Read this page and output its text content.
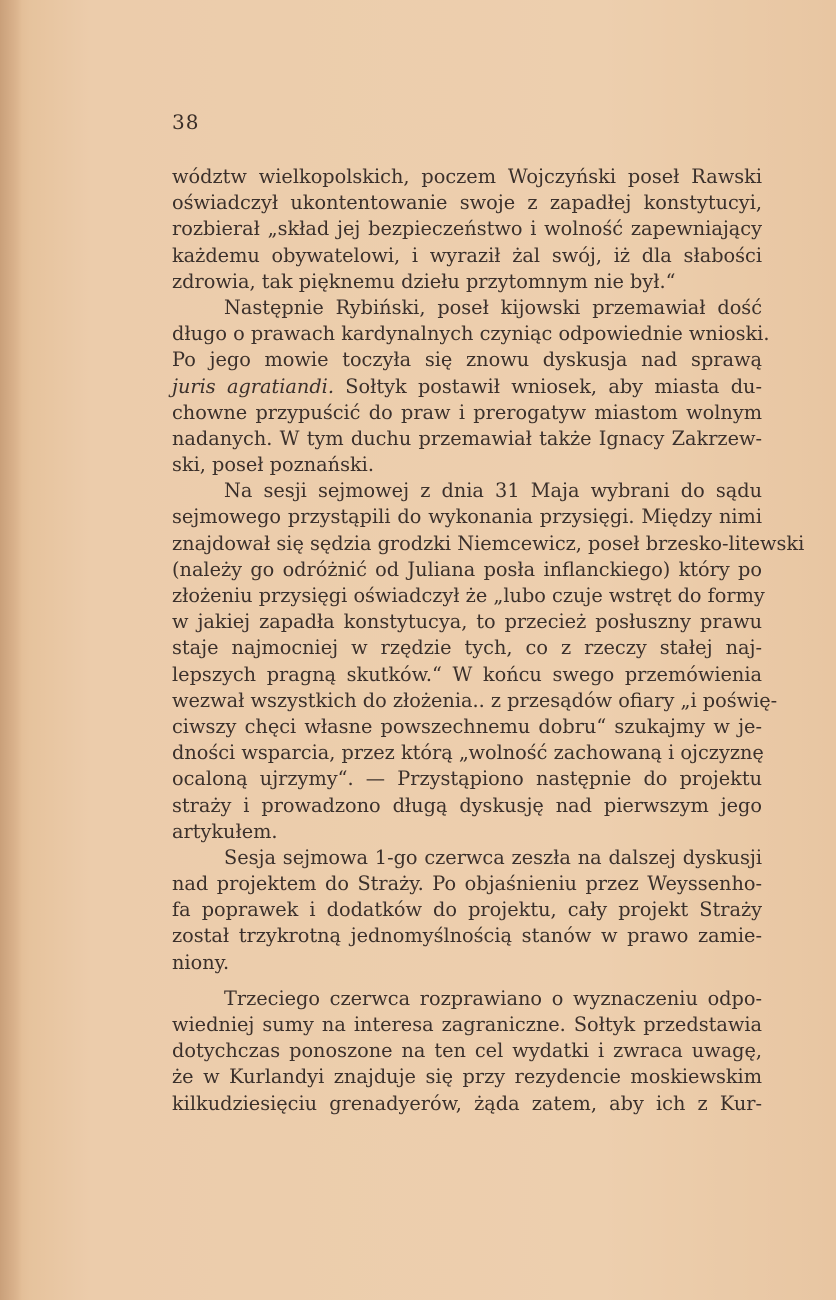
38
wództw wielkopolskich, poczem Wojczyński poseł Rawski
oświadczył ukontentowanie swoje z zapadłej konstytucyi,
rozbierał „skład jej bezpieczeństwo i wolność zapewniający
każdemu obywatelowi, i wyraził żal swój, iż dla słabości
zdrowia, tak pięknemu dziełu przytomnym nie był.“
Następnie Rybiński, poseł kijowski przemawiał dość
długo o prawach kardynalnych czyniąc odpowiednie wnioski.
Po jego mowie toczyła się znowu dyskusja nad sprawą
juris agratiandi. Sołtyk postawił wniosek, aby miasta du-
chowne przypuścić do praw i prerogatyw miastom wolnym
nadanych. W tym duchu przemawiał także Ignacy Zakrzew-
ski, poseł poznański.
Na sesji sejmowej z dnia 31 Maja wybrani do sądu
sejmowego przystąpili do wykonania przysięgi. Między nimi
znajdował się sędzia grodzki Niemcewicz, poseł brzesko-litewski
(należy go odróżnić od Juliana posła inflanckiego) który po
złożeniu przysięgi oświadczył że „lubo czuje wstręt do formy
w jakiej zapadła konstytucya, to przecież posłuszny prawu
staje najmocniej w rzędzie tych, co z rzeczy stałej naj-
lepszych pragną skutków.“ W końcu swego przemówienia
wezwał wszystkich do złożenia.. z przesądów ofiary „i poświę-
ciwszy chęci własne powszechnemu dobru“ szukajmy w je-
dności wsparcia, przez którą „wolność zachowaną i ojczyznę
ocaloną ujrzymy“. — Przystąpiono następnie do projektu
straży i prowadzono długą dyskusję nad pierwszym jego
artykułem.
Sesja sejmowa 1-go czerwca zeszła na dalszej dyskusji
nad projektem do Straży. Po objaśnieniu przez Weyssenho-
fa poprawek i dodatków do projektu, cały projekt Straży
został trzykrotną jednomyślnością stanów w prawo zamie-
niony.
Trzeciego czerwca rozprawiano o wyznaczeniu odpo-
wiedniej sumy na interesa zagraniczne. Sołtyk przedstawia
dotychczas ponoszone na ten cel wydatki i zwraca uwagę,
że w Kurlandyi znajduje się przy rezydencie moskiewskim
kilkudziesięciu grenadyerów, żąda zatem, aby ich z Kur-
